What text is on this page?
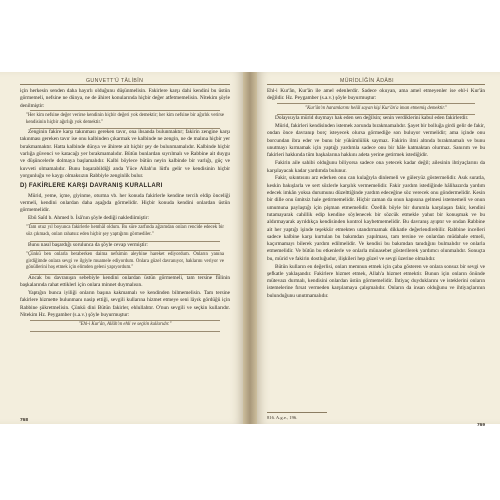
GUNVETT'Ü TÂLİBÎN

için herkesin senden daha hayırlı olduğunu düşünmelisin. Fakirlere karşı dahi kendini bu üstün görmemeli, nefsine ne dünya, ne de âhiret konularında hiçbir değer atfetmemelisin. Nitekim şöyle denilmiştir:

"Her kim nefsine değer verirse kendinin hiçbir değeri yok demektir; her kim nefsine bir ağırlık verirse kendisinin hiçbir ağırlığı yok demektir."

Zenginin fakire karşı takınması gereken tavır, ona ihsanda bulunmaktır; fakirin zengine karşı takınması gereken tavır ise onu kalbinden çıkarmak ve kalbinde ne zengin, ne de malına hiçbir yer bırakmamaktır. Hatta kalbinde dünya ve âhirete ait hiçbir şey de bulunmamalıdır. Kalbinde hiçbir varlığa güvenci ve katacağı yer bırakmamalıdır. Bütün bunlardan sıyrılmalı ve Rabbine ait duygu ve düşüncelerle dolmaya başlamalıdır. Kalbi böylece bütün neyin kalbinde bir varlığı, güç ve kuvveti olmamalıdır. Bunu başarabildiği anda Yüce Allah'ın lütfu gelir ve kendisinin hiçbir yorgunluğu ve kaygı olmaksızın Rabbiyle zenginlik bulur.

D) FAKİRLERE KARŞI DAVRANIŞ KURALLARI

Mürid, yeme, içme, giyinme, oturma vb. her konuda fakirlerle kendine tercih eldip önceliği vermeli, kendini onlardan daha aşağıda görmelidir. Hiçbir konuda kendini onlardan üstün görmemelidir.

Ebû Saîd b. Ahmed b. İsâ'nın şöyle dediği naklediimiştir:

"Tam otuz yıl boyunca fakirlerle hemhâl oldum. Bu süre zarfında ağzımdan onları rencide edecek bir söz çıkmadı, onları rahatsız eden hiçbir şey yaptığımı görmediler."

Bunu nasıl başardığı sorulunca da şöyle cevap vermiştir:

"Çünkü ben onlarla beraberken daima nefsimin aleyhine hareket ediyordum. Onların yanına girdiğimde onlara sevgi ve ilgiyle muamele ediyordum. Onlara güzel davranıyor, haklarını veriyor ve gönüllerini hoş etmek için elimden geleni yapıyordum."

Ancak bu davranışın sebebiyle kendini onlardan üstün görmemeli, tam tersine fiilinin başkalarında rahat ettiklerl için onlara minnet duymalısın.

Yaptığın bunca iyiliği onların başına kakmamalı ve kendinden bilmemelisin. Tam tersine fakirlere hizmette bulunmanı nasip ettiği, sevgili kullarına hizmet etmeye seni lâyık gördüğü için Rabbine şükretmelisin. Çünkü dini Bütün fakirler, ehlullahtır. O'nun sevgili ve seçkin kullarıdır. Nitekim Hz. Peygamber (s.a.v.) şöyle buyurmuştur:

"Ehl-i Kur'ân, Allâh'ın ehli ve seçkin kullarıdır."
768
MÜRİDLİĞİN ÂDÂBI

Ehl-i Kur'ân, Kur'ân ile amel edenlerdir. Sadece okuyan, ama amel etmeyenler ise ehl-i Kur'ân değildir. Hz. Peygamber (s.a.v.) şöyle buyurmuştur:

"Kur'ân'ın haramlarını helâl sayan kişi Kur'ân'a iman etmemiş demektir."

Dolayısıyla mürid duymayı hak eden sen değilsin; senin verdiklerini kabul eden fakirlerdir.

Mürid, fakirleri kendisinden istemek zorunda bırakmamalıdır. Şayet bir bolluğa girdi gelir de fakir, ondan önce davranıp borç isteyecek olursa görmediğe son buluyor vermelidir; ama içinde onu borcundan ibra eder ve bunu bir yükümlülük saymaz. Fakirin ilmi altında bırakmamalı ve bunu unutmayı kırmamak için yaptığı yardımla sadece onu bir hâle katmaktan olurmaz. Sanırım ve bu fakirleri hakkında tüm başkalarına hakkını adeta yerine getirmek istediğidir.

Fakirin aile sahibi olduğunu biliyorsa sadece ona yetecek kadar değil; ailesinin ihtiyaçlarını da karşılayacak kadar yardımda bulunur.

Fakir, sıkıntısını arz ederken onu can kulağıyla dinlemeli ve güleryüz göstermelidir. Asık suratla, keskin bakışlarla ve sert sözlerle karşılık vermemelidir. Fakir yardım istediğinde hâlihazırda yardım edecek imkân yoksa durumunu düzelttiğinde yardım edeceğine söz verecek onu göndermelidir. Kesin bir dille onu ümitsiz hale getirmemelidir. Hiçbir zaman da onun kapısına gelmesi istememeli ve onun umumuna paylaştığı için pişman etmemelidir. Özellik böyle bir durumla karşılaşan fakir, kendini tutamayarak cahillik edip kendine söylenecek bir sözcük etmekle yahut bir konuşmak ve bu aldırmayarak ayrıldıkça kendisinden kontrol kaybetmemelidir. Bu davranış ayıptır ve ondan Rabbine ait her yaptığı işinde teşekkür etmekten utandırmamak dikkatle değerlendirebilir. Rabbine incelleri sadece kalbine karşı kurtulan bu bakımdan yapılması, tam tersine ve onlardan müdahale etmeli, kaçırmamayı bilerek yardım edilmelidir. Ve kendisi bu bakımdan tanıdığını bulmalıdır ve onlarla etmemelidir. Ve bütün bu etkenlerle ve onlarla münasebet gösterilerek yardımcı olunmalıdır. Sonuçta bu, mürid ve fakirin dostluğudur, ilişkileri hep güzel ve sevgi üzerine olmalıdır.

Bütün kulların en değerlisi, onları memnun etmek için çaba gösteren ve onlara sonsuz bir sevgi ve şefkatle yaklaşandır. Fakirlere hizmet etmek, Allah'a hizmet etmektir. Bunun için onların önünde mütevazı durmalı, kendisini onlardan üstün görmemelidir. İhtiyaç duyduklarını ve isteklerini onların istemelerine fırsat vermeden karşılamaya çalışmalıdır. Onların da insan olduğunu ve ihtiyaçlarının bulunduğunu unutmamalıdır.

816. A.g.e., 196.
769
